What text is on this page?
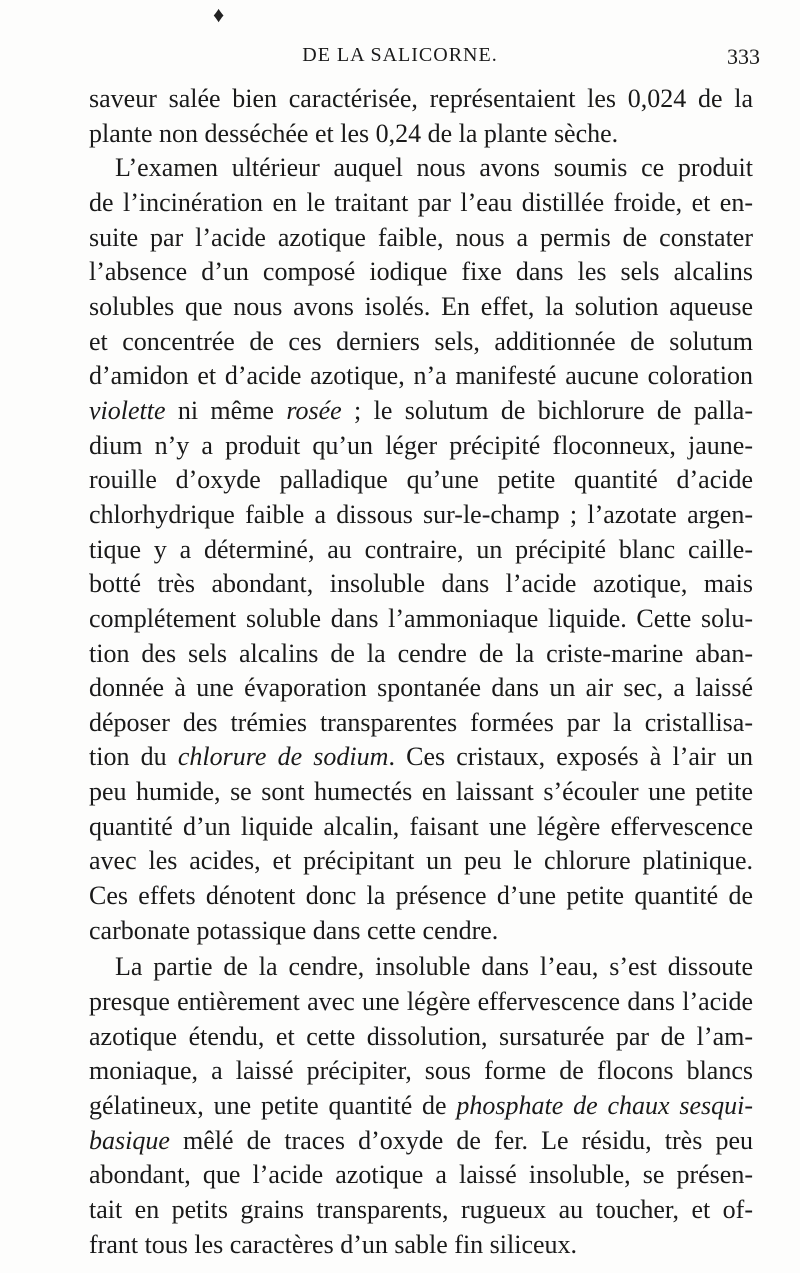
♦
DE LA SALICORNE.	333

saveur salée bien caractérisée, représentaient les 0,024 de la
plante non desséchée et les 0,24 de la plante sèche.

L’examen ultérieur auquel nous avons soumis ce produit
de l’incinération en le traitant par l’eau distillée froide, et en-
suite par l’acide azotique faible, nous a permis de constater
l’absence d’un composé iodique fixe dans les sels alcalins
solubles que nous avons isolés. En effet, la solution aqueuse
et concentrée de ces derniers sels, additionnée de solutum
d’amidon et d’acide azotique, n’a manifesté aucune coloration
violette ni même rosée ; le solutum de bichlorure de palla-
dium n’y a produit qu’un léger précipité floconneux, jaune-
rouille d’oxyde palladique qu’une petite quantité d’acide
chlorhydrique faible a dissous sur-le-champ ; l’azotate argen-
tique y a déterminé, au contraire, un précipité blanc caille-
botté très abondant, insoluble dans l’acide azotique, mais
complétement soluble dans l’ammoniaque liquide. Cette solu-
tion des sels alcalins de la cendre de la criste-marine aban-
donnée à une évaporation spontanée dans un air sec, a laissé
déposer des trémies transparentes formées par la cristallisa-
tion du chlorure de sodium. Ces cristaux, exposés à l’air un
peu humide, se sont humectés en laissant s’écouler une petite
quantité d’un liquide alcalin, faisant une légère effervescence
avec les acides, et précipitant un peu le chlorure platinique.
Ces effets dénotent donc la présence d’une petite quantité de
carbonate potassique dans cette cendre.

La partie de la cendre, insoluble dans l’eau, s’est dissoute
presque entièrement avec une légère effervescence dans l’acide
azotique étendu, et cette dissolution, sursaturée par de l’am-
moniaque, a laissé précipiter, sous forme de flocons blancs
gélatineux, une petite quantité de phosphate de chaux sesqui-
basique mêlé de traces d’oxyde de fer. Le résidu, très peu
abondant, que l’acide azotique a laissé insoluble, se présen-
tait en petits grains transparents, rugueux au toucher, et of-
frant tous les caractères d’un sable fin siliceux.
